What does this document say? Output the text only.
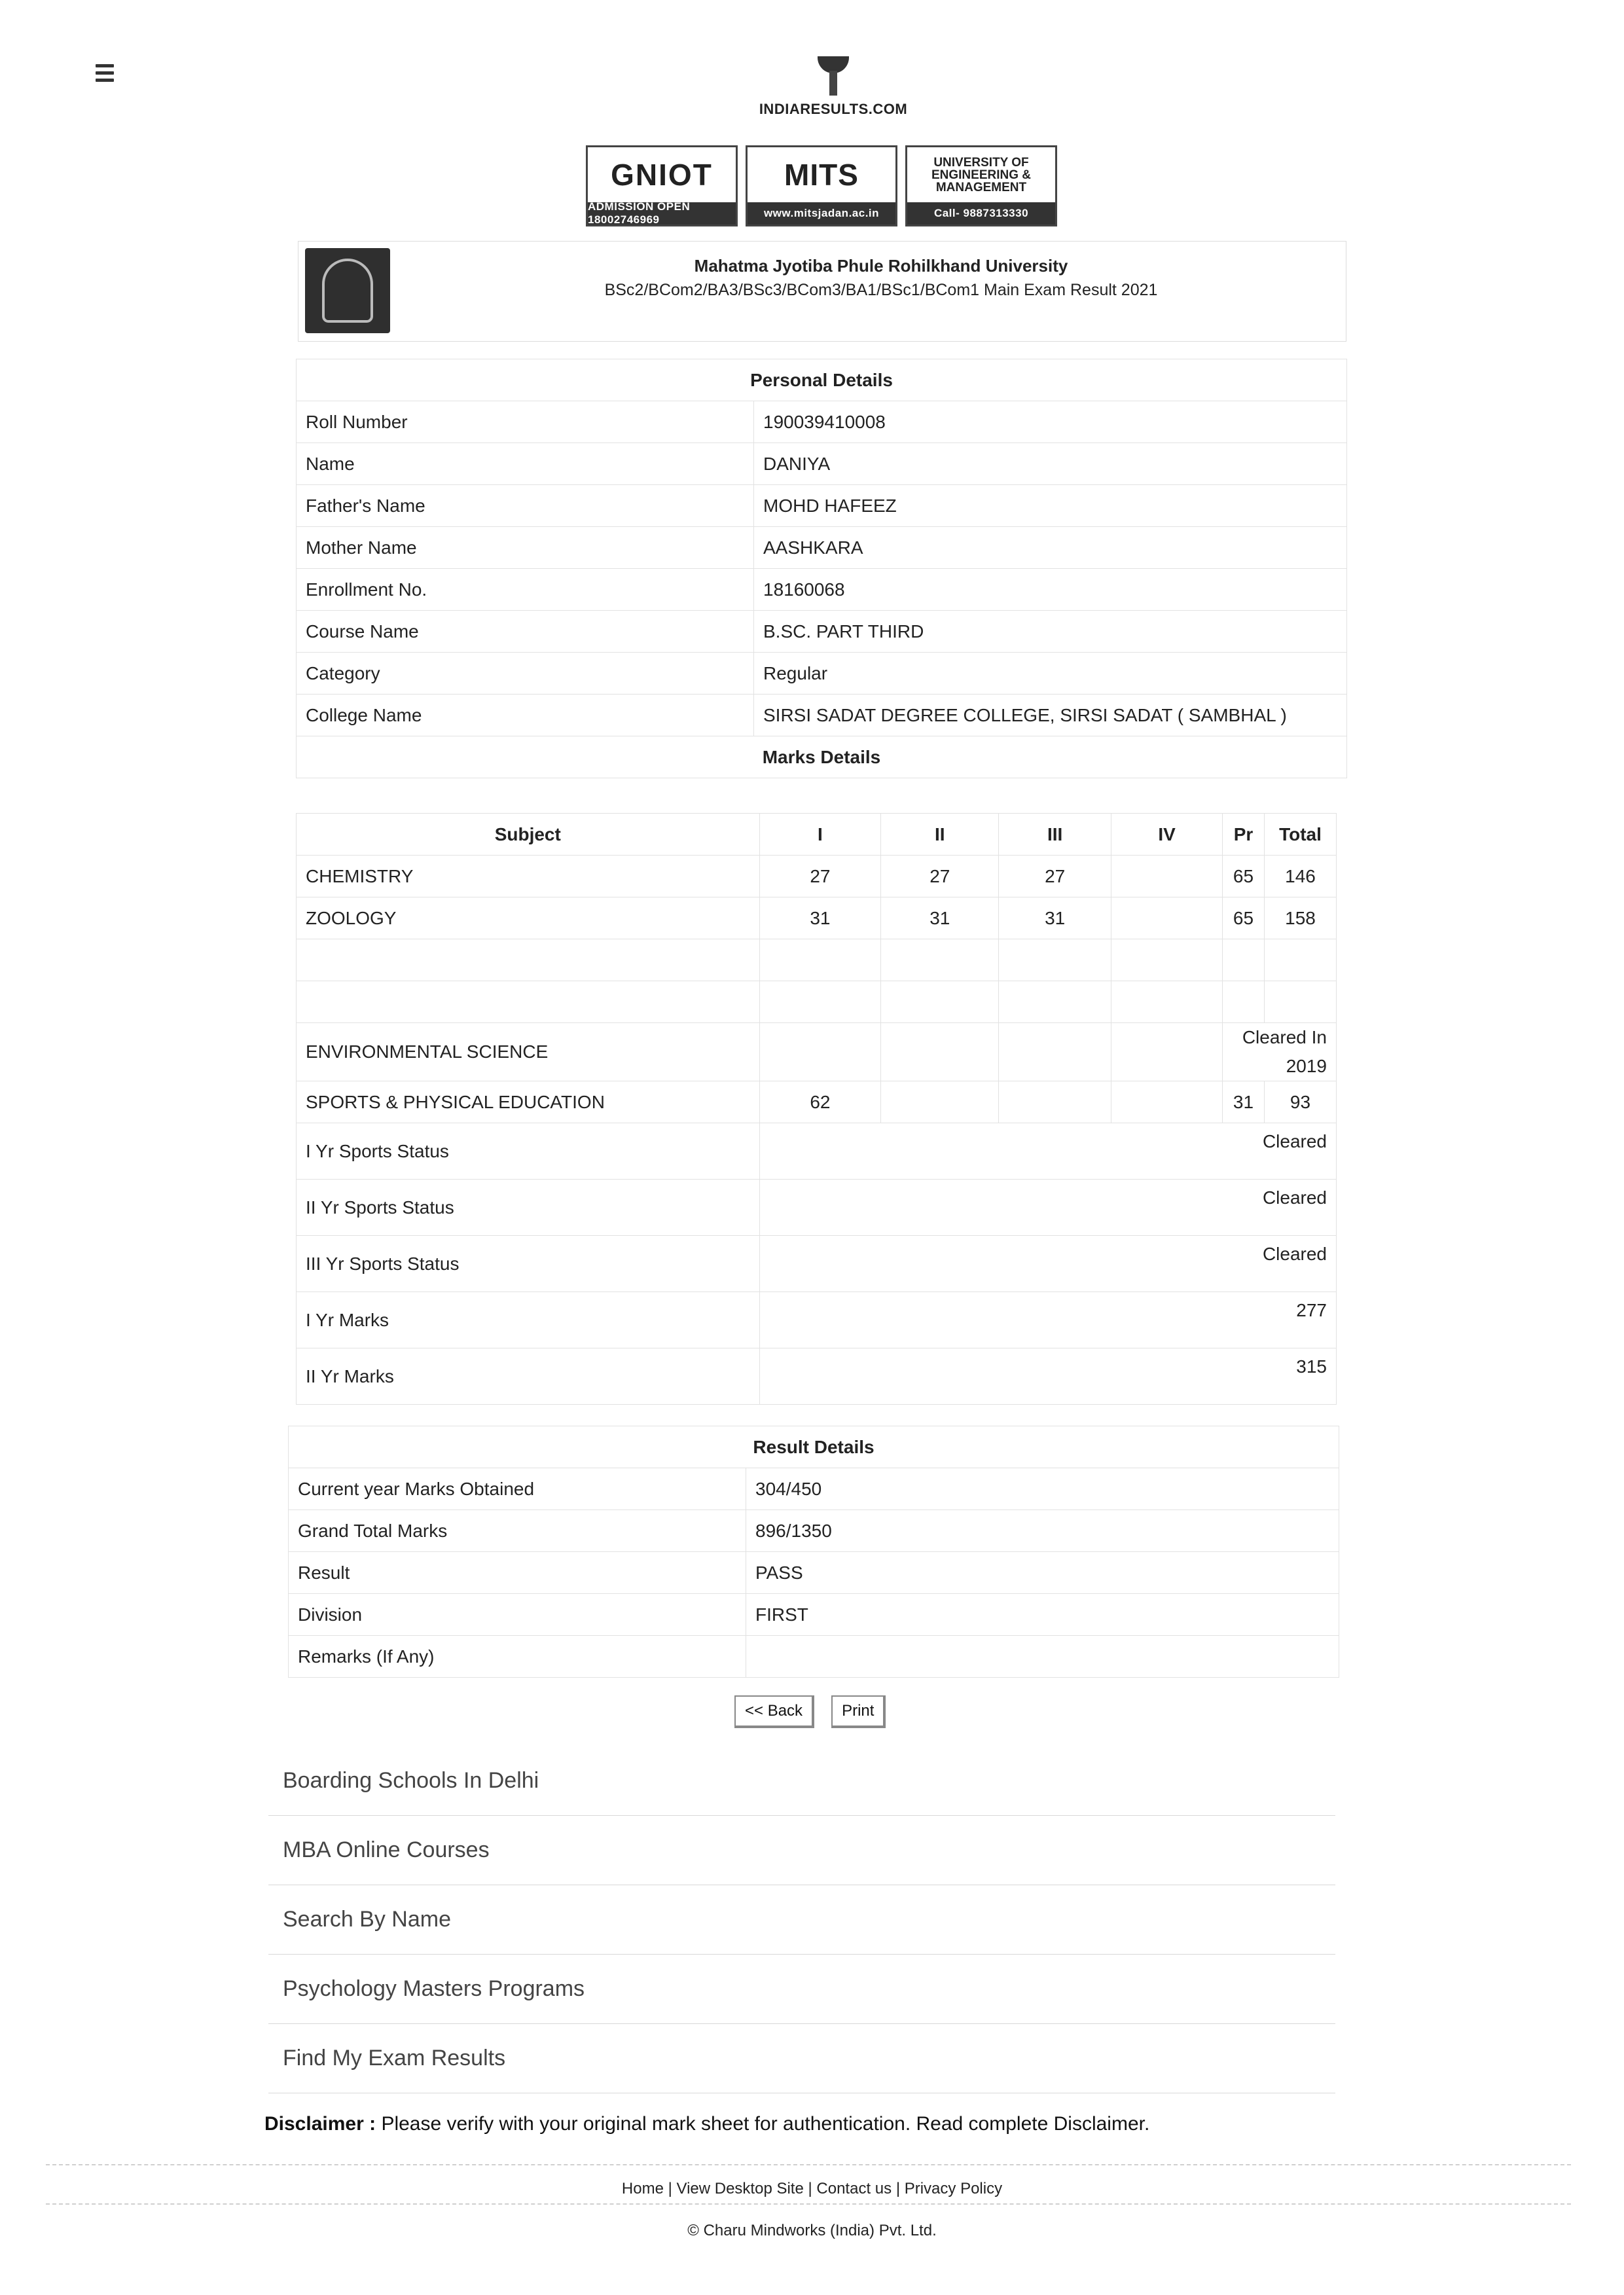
INDIARESULTS.COM
GNIOT
ADMISSION OPEN 18002746969
MITS
www.mitsjadan.ac.in
UNIVERSITY OF ENGINEERING & MANAGEMENT
Call- 9887313330
Mahatma Jyotiba Phule Rohilkhand University
BSc2/BCom2/BA3/BSc3/BCom3/BA1/BSc1/BCom1 Main Exam Result 2021
Personal Details	
Roll Number	190039410008
Name	DANIYA
Father's Name	MOHD HAFEEZ
Mother Name	AASHKARA
Enrollment No.	18160068
Course Name	B.SC. PART THIRD
Category	Regular
College Name	SIRSI SADAT DEGREE COLLEGE, SIRSI SADAT ( SAMBHAL )
Marks Details	
Subject	I	II	III	IV	Pr	Total
CHEMISTRY	27	27	27		65	146
ZOOLOGY	31	31	31		65	158

ENVIRONMENTAL SCIENCE					Cleared In 2019	
SPORTS & PHYSICAL EDUCATION	62				31	93
I Yr Sports Status	Cleared					
II Yr Sports Status	Cleared					
III Yr Sports Status	Cleared					
I Yr Marks	277					
II Yr Marks	315					
Result Details	
Current year Marks Obtained	304/450
Grand Total Marks	896/1350
Result	PASS
Division	FIRST
Remarks (If Any)	
<< Back	Print
Boarding Schools In Delhi
MBA Online Courses
Search By Name
Psychology Masters Programs
Find My Exam Results
Disclaimer : Please verify with your original mark sheet for authentication. Read complete Disclaimer.
Home | View Desktop Site | Contact us | Privacy Policy
© Charu Mindworks (India) Pvt. Ltd.
